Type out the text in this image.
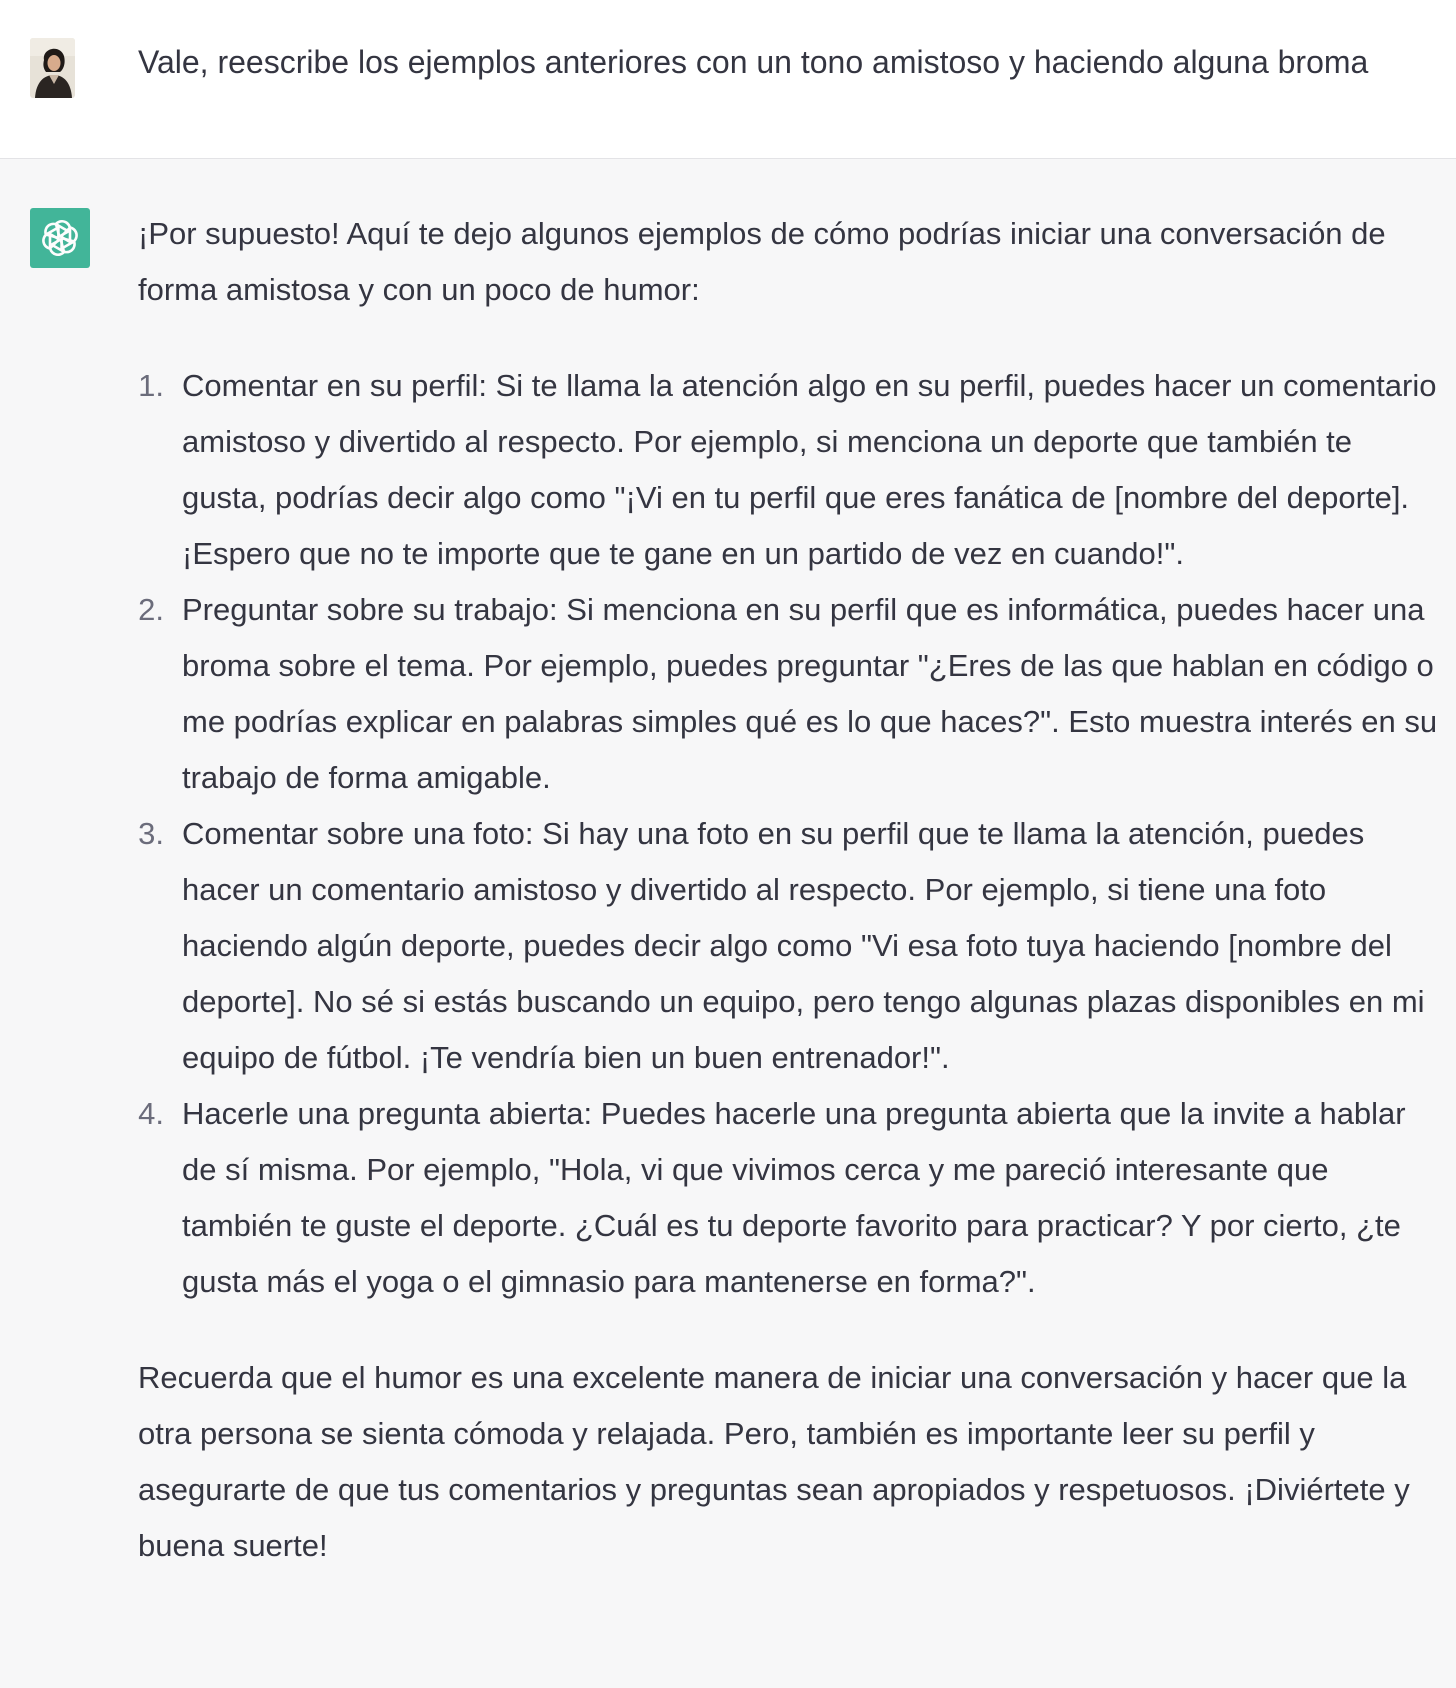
Vale, reescribe los ejemplos anteriores con un tono amistoso y haciendo alguna broma

¡Por supuesto! Aquí te dejo algunos ejemplos de cómo podrías iniciar una conversación de forma amistosa y con un poco de humor:

1. Comentar en su perfil: Si te llama la atención algo en su perfil, puedes hacer un comentario amistoso y divertido al respecto. Por ejemplo, si menciona un deporte que también te gusta, podrías decir algo como "¡Vi en tu perfil que eres fanática de [nombre del deporte]. ¡Espero que no te importe que te gane en un partido de vez en cuando!".
2. Preguntar sobre su trabajo: Si menciona en su perfil que es informática, puedes hacer una broma sobre el tema. Por ejemplo, puedes preguntar "¿Eres de las que hablan en código o me podrías explicar en palabras simples qué es lo que haces?". Esto muestra interés en su trabajo de forma amigable.
3. Comentar sobre una foto: Si hay una foto en su perfil que te llama la atención, puedes hacer un comentario amistoso y divertido al respecto. Por ejemplo, si tiene una foto haciendo algún deporte, puedes decir algo como "Vi esa foto tuya haciendo [nombre del deporte]. No sé si estás buscando un equipo, pero tengo algunas plazas disponibles en mi equipo de fútbol. ¡Te vendría bien un buen entrenador!".
4. Hacerle una pregunta abierta: Puedes hacerle una pregunta abierta que la invite a hablar de sí misma. Por ejemplo, "Hola, vi que vivimos cerca y me pareció interesante que también te guste el deporte. ¿Cuál es tu deporte favorito para practicar? Y por cierto, ¿te gusta más el yoga o el gimnasio para mantenerse en forma?".

Recuerda que el humor es una excelente manera de iniciar una conversación y hacer que la otra persona se sienta cómoda y relajada. Pero, también es importante leer su perfil y asegurarte de que tus comentarios y preguntas sean apropiados y respetuosos. ¡Diviértete y buena suerte!
